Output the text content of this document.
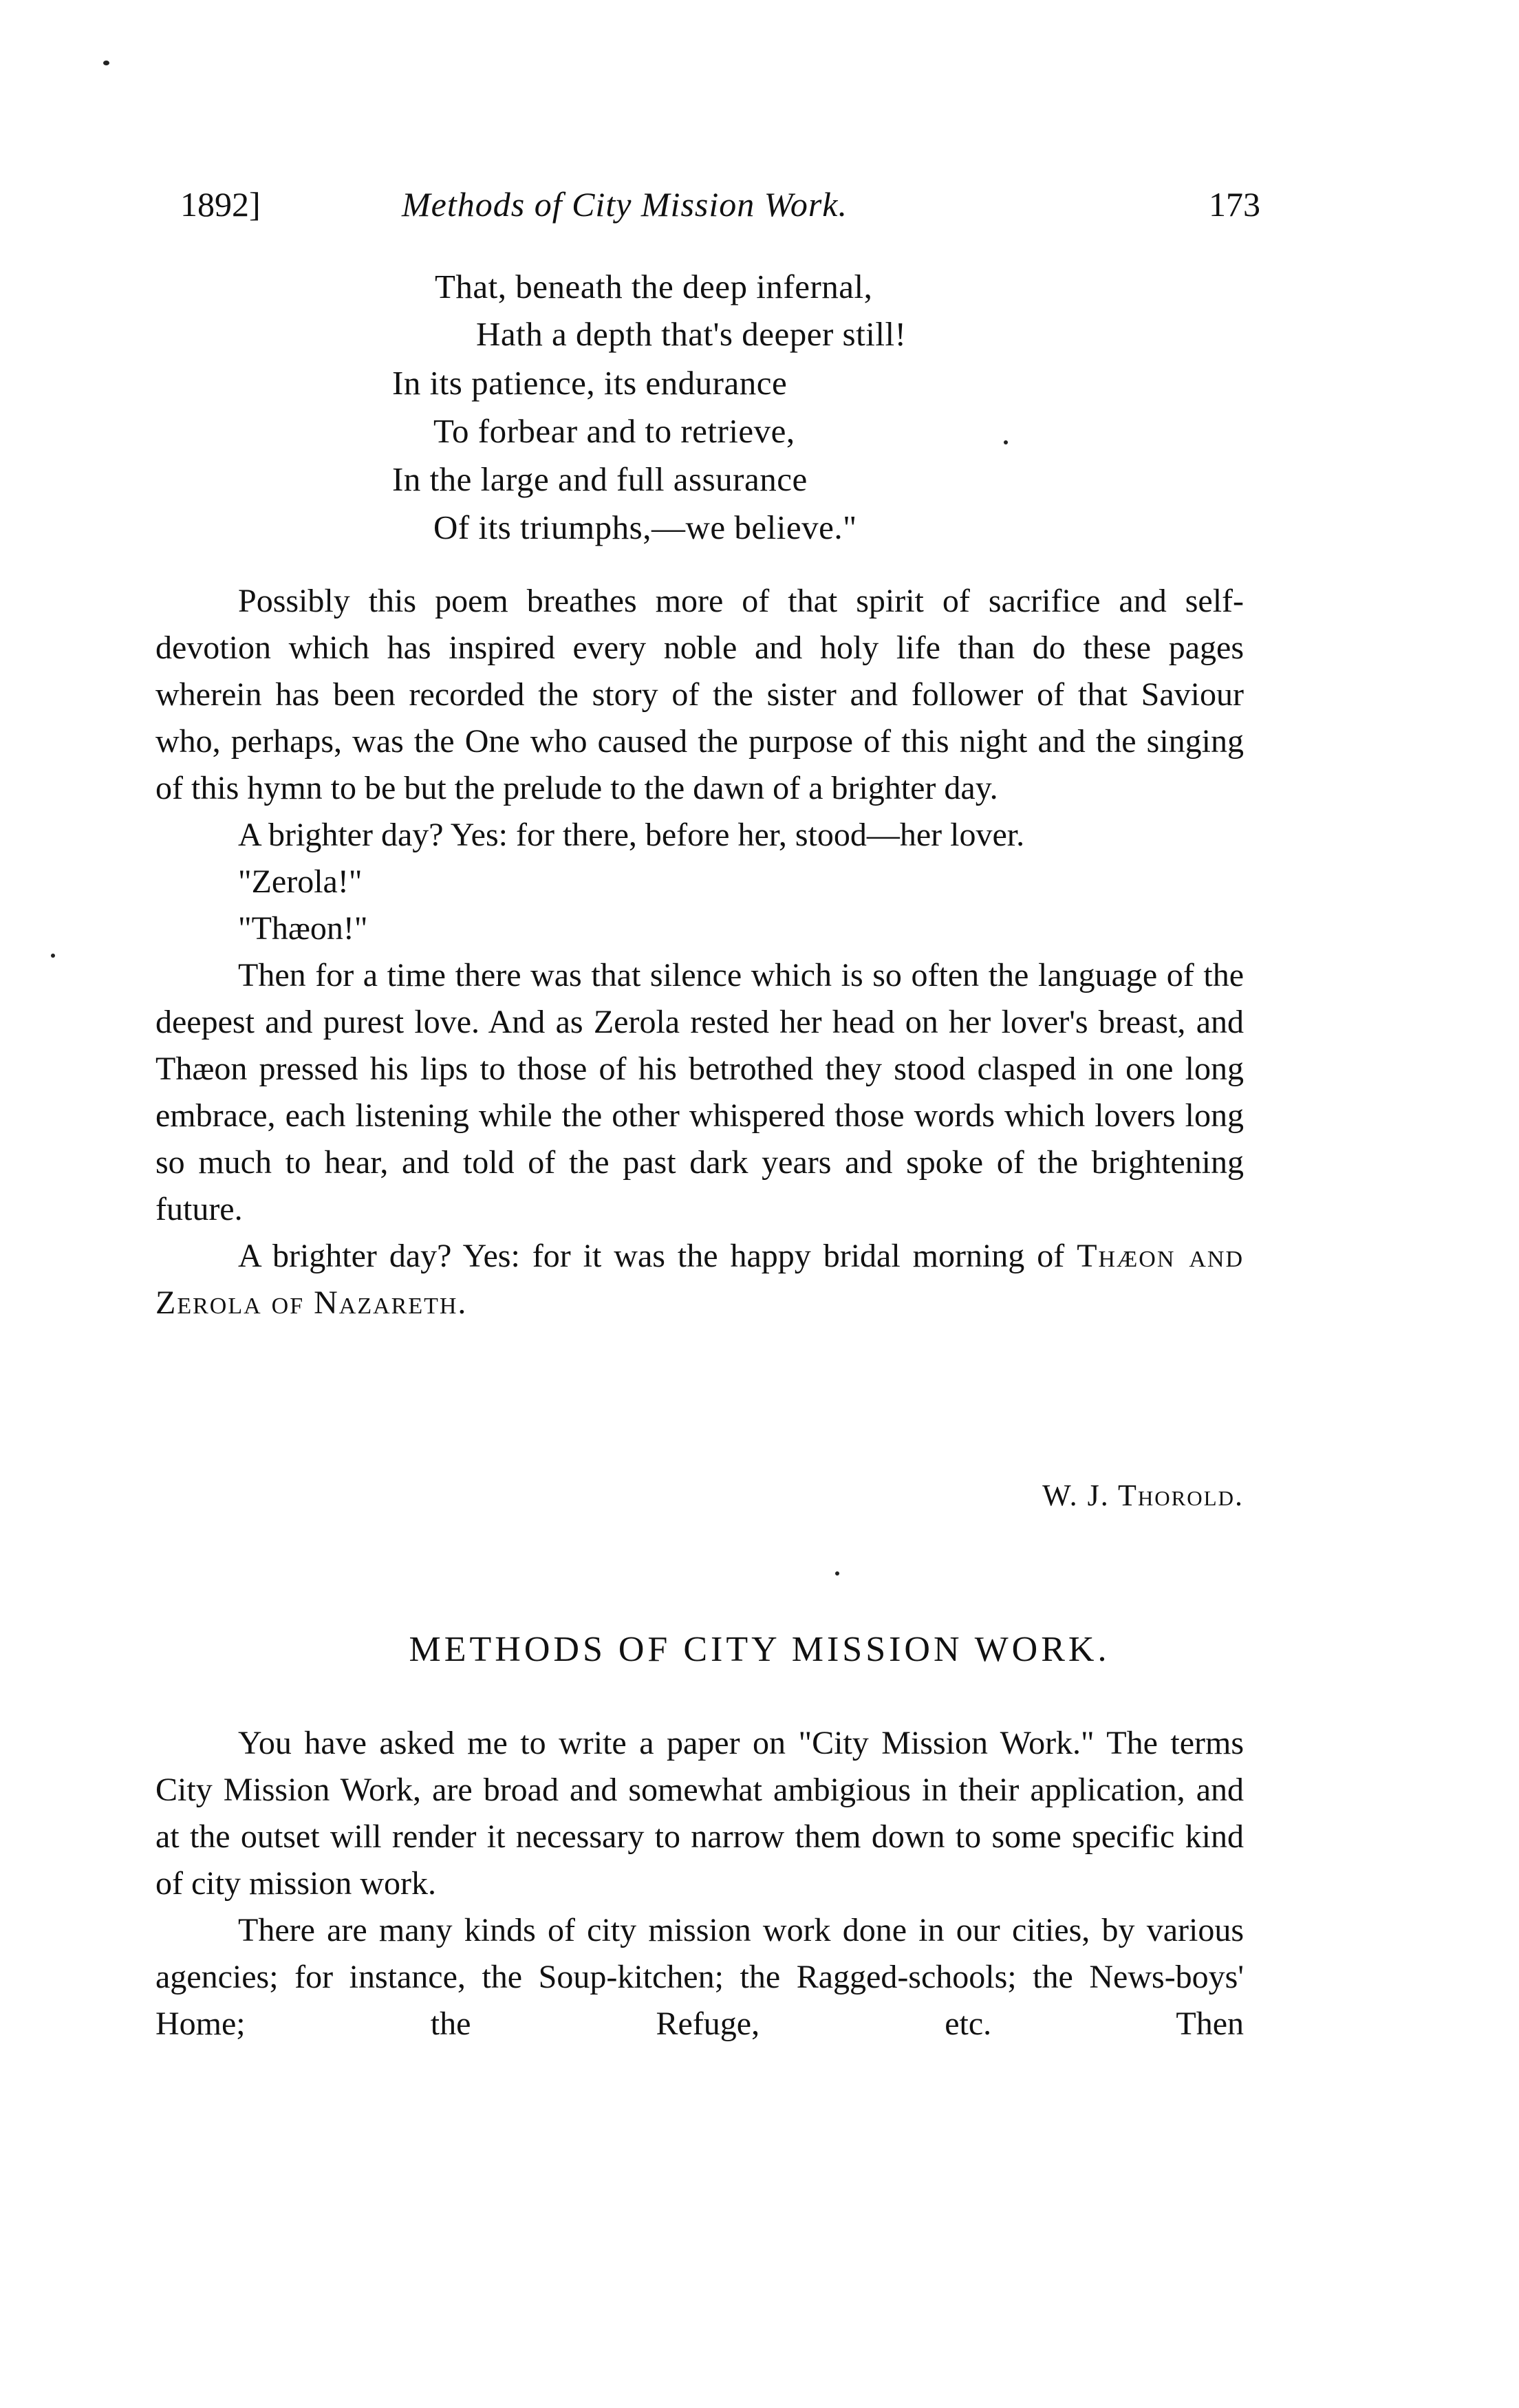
1892]	Methods of City Mission Work.	173
That, beneath the deep infernal,
Hath a depth that's deeper still!
In its patience, its endurance
To forbear and to retrieve,
In the large and full assurance
Of its triumphs,—we believe."

Possibly this poem breathes more of that spirit of sacrifice and self-devotion which has inspired every noble and holy life than do these pages wherein has been recorded the story of the sister and follower of that Saviour who, perhaps, was the One who caused the purpose of this night and the singing of this hymn to be but the prelude to the dawn of a brighter day.

A brighter day? Yes: for there, before her, stood—her lover.

"Zerola!"

"Thæon!"

Then for a time there was that silence which is so often the language of the deepest and purest love. And as Zerola rested her head on her lover's breast, and Thæon pressed his lips to those of his betrothed they stood clasped in one long embrace, each listening while the other whispered those words which lovers long so much to hear, and told of the past dark years and spoke of the brightening future.

A brighter day? Yes: for it was the happy bridal morning of Thæon and Zerola of Nazareth.

W. J. Thorold.
METHODS OF CITY MISSION WORK.

You have asked me to write a paper on "City Mission Work." The terms City Mission Work, are broad and somewhat ambigious in their application, and at the outset will render it necessary to narrow them down to some specific kind of city mission work.

There are many kinds of city mission work done in our cities, by various agencies; for instance, the Soup-kitchen; the Ragged-schools; the News-boys' Home; the Refuge, etc. Then
